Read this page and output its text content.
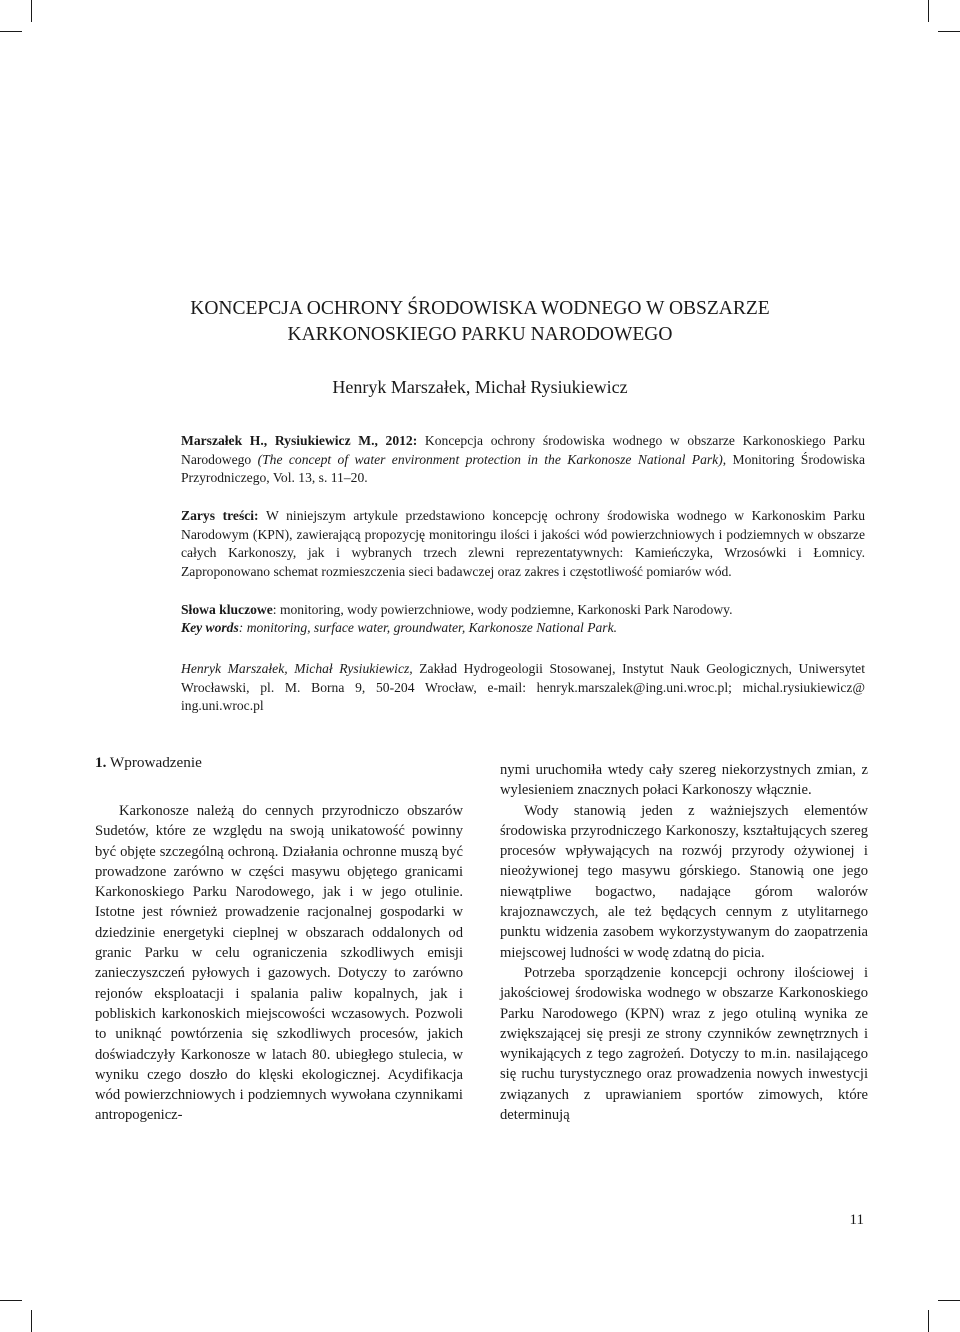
KONCEPCJA OCHRONY ŚRODOWISKA WODNEGO W OBSZARZE
KARKONOSKIEGO PARKU NARODOWEGO
Henryk Marszałek, Michał Rysiukiewicz
Marszałek H., Rysiukiewicz M., 2012: Koncepcja ochrony środowiska wodnego w obszarze Karkonoskiego Parku Narodowego (The concept of water environment protection in the Karkonosze National Park), Monitoring Środowiska Przyrodniczego, Vol. 13, s. 11–20.
Zarys treści: W niniejszym artykule przedstawiono koncepcję ochrony środowiska wodnego w Karkonoskim Parku Narodowym (KPN), zawierającą propozycję monitoringu ilości i jakości wód powierzchniowych i podziemnych w obszarze całych Karkonoszy, jak i wybranych trzech zlewni reprezentatywnych: Kamieńczyka, Wrzosówki i Łomnicy. Zaproponowano schemat rozmieszczenia sieci badawczej oraz zakres i częstotliwość pomiarów wód.
Słowa kluczowe: monitoring, wody powierzchniowe, wody podziemne, Karkonoski Park Narodowy.
Key words: monitoring, surface water, groundwater, Karkonosze National Park.
Henryk Marszałek, Michał Rysiukiewicz, Zakład Hydrogeologii Stosowanej, Instytut Nauk Geologicznych, Uniwersytet Wrocławski, pl. M. Borna 9, 50-204 Wrocław, e-mail: henryk.marszalek@ing.uni.wroc.pl; michal.rysiukiewicz@ ing.uni.wroc.pl
1. Wprowadzenie

Karkonosze należą do cennych przyrodniczo obszarów Sudetów, które ze względu na swoją unikatowość powinny być objęte szczególną ochroną. Działania ochronne muszą być prowadzone zarówno w części masywu objętego granicami Karkonoskiego Parku Narodowego, jak i w jego otulinie. Istotne jest również prowadzenie racjonalnej gospodarki w dziedzinie energetyki cieplnej w obszarach oddalonych od granic Parku w celu ograniczenia szkodliwych emisji zanieczyszczeń pyłowych i gazowych. Dotyczy to zarówno rejonów eksploatacji i spalania paliw kopalnych, jak i pobliskich karkonoskich miejscowości wczasowych. Pozwoli to uniknąć powtórzenia się szkodliwych procesów, jakich doświadczyły Karkonosze w latach 80. ubiegłego stulecia, w wyniku czego doszło do klęski ekologicznej. Acydifikacja wód powierzchniowych i podziemnych wywołana czynnikami antropogenicz-

nymi uruchomiła wtedy cały szereg niekorzystnych zmian, z wylesieniem znacznych połaci Karkonoszy włącznie.

Wody stanowią jeden z ważniejszych elementów środowiska przyrodniczego Karkonoszy, kształtujących szereg procesów wpływających na rozwój przyrody ożywionej i nieożywionej tego masywu górskiego. Stanowią one jego niewątpliwe bogactwo, nadające górom walorów krajoznawczych, ale też będących cennym z utylitarnego punktu widzenia zasobem wykorzystywanym do zaopatrzenia miejscowej ludności w wodę zdatną do picia.

Potrzeba sporządzenie koncepcji ochrony ilościowej i jakościowej środowiska wodnego w obszarze Karkonoskiego Parku Narodowego (KPN) wraz z jego otuliną wynika ze zwiększającej się presji ze strony czynników zewnętrznych i wynikających z tego zagrożeń. Dotyczy to m.in. nasilającego się ruchu turystycznego oraz prowadzenia nowych inwestycji związanych z uprawianiem sportów zimowych, które determinują

11
